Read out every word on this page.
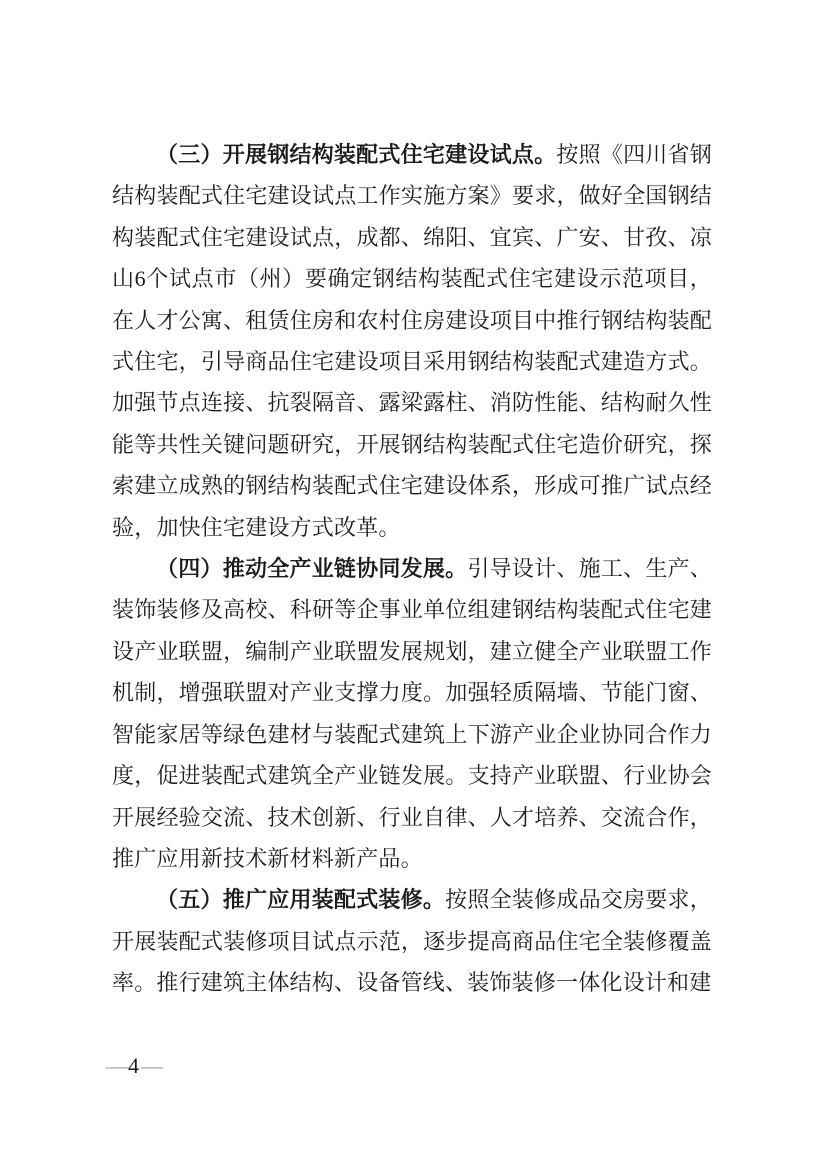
（三）开展钢结构装配式住宅建设试点。按照《四川省钢结构装配式住宅建设试点工作实施方案》要求，做好全国钢结构装配式住宅建设试点，成都、绵阳、宜宾、广安、甘孜、凉山6个试点市（州）要确定钢结构装配式住宅建设示范项目，在人才公寓、租赁住房和农村住房建设项目中推行钢结构装配式住宅，引导商品住宅建设项目采用钢结构装配式建造方式。加强节点连接、抗裂隔音、露梁露柱、消防性能、结构耐久性能等共性关键问题研究，开展钢结构装配式住宅造价研究，探索建立成熟的钢结构装配式住宅建设体系，形成可推广试点经验，加快住宅建设方式改革。

（四）推动全产业链协同发展。引导设计、施工、生产、装饰装修及高校、科研等企事业单位组建钢结构装配式住宅建设产业联盟，编制产业联盟发展规划，建立健全产业联盟工作机制，增强联盟对产业支撑力度。加强轻质隔墙、节能门窗、智能家居等绿色建材与装配式建筑上下游产业企业协同合作力度，促进装配式建筑全产业链发展。支持产业联盟、行业协会开展经验交流、技术创新、行业自律、人才培养、交流合作，推广应用新技术新材料新产品。

（五）推广应用装配式装修。按照全装修成品交房要求，开展装配式装修项目试点示范，逐步提高商品住宅全装修覆盖率。推行建筑主体结构、设备管线、装饰装修一体化设计和建

—4—
